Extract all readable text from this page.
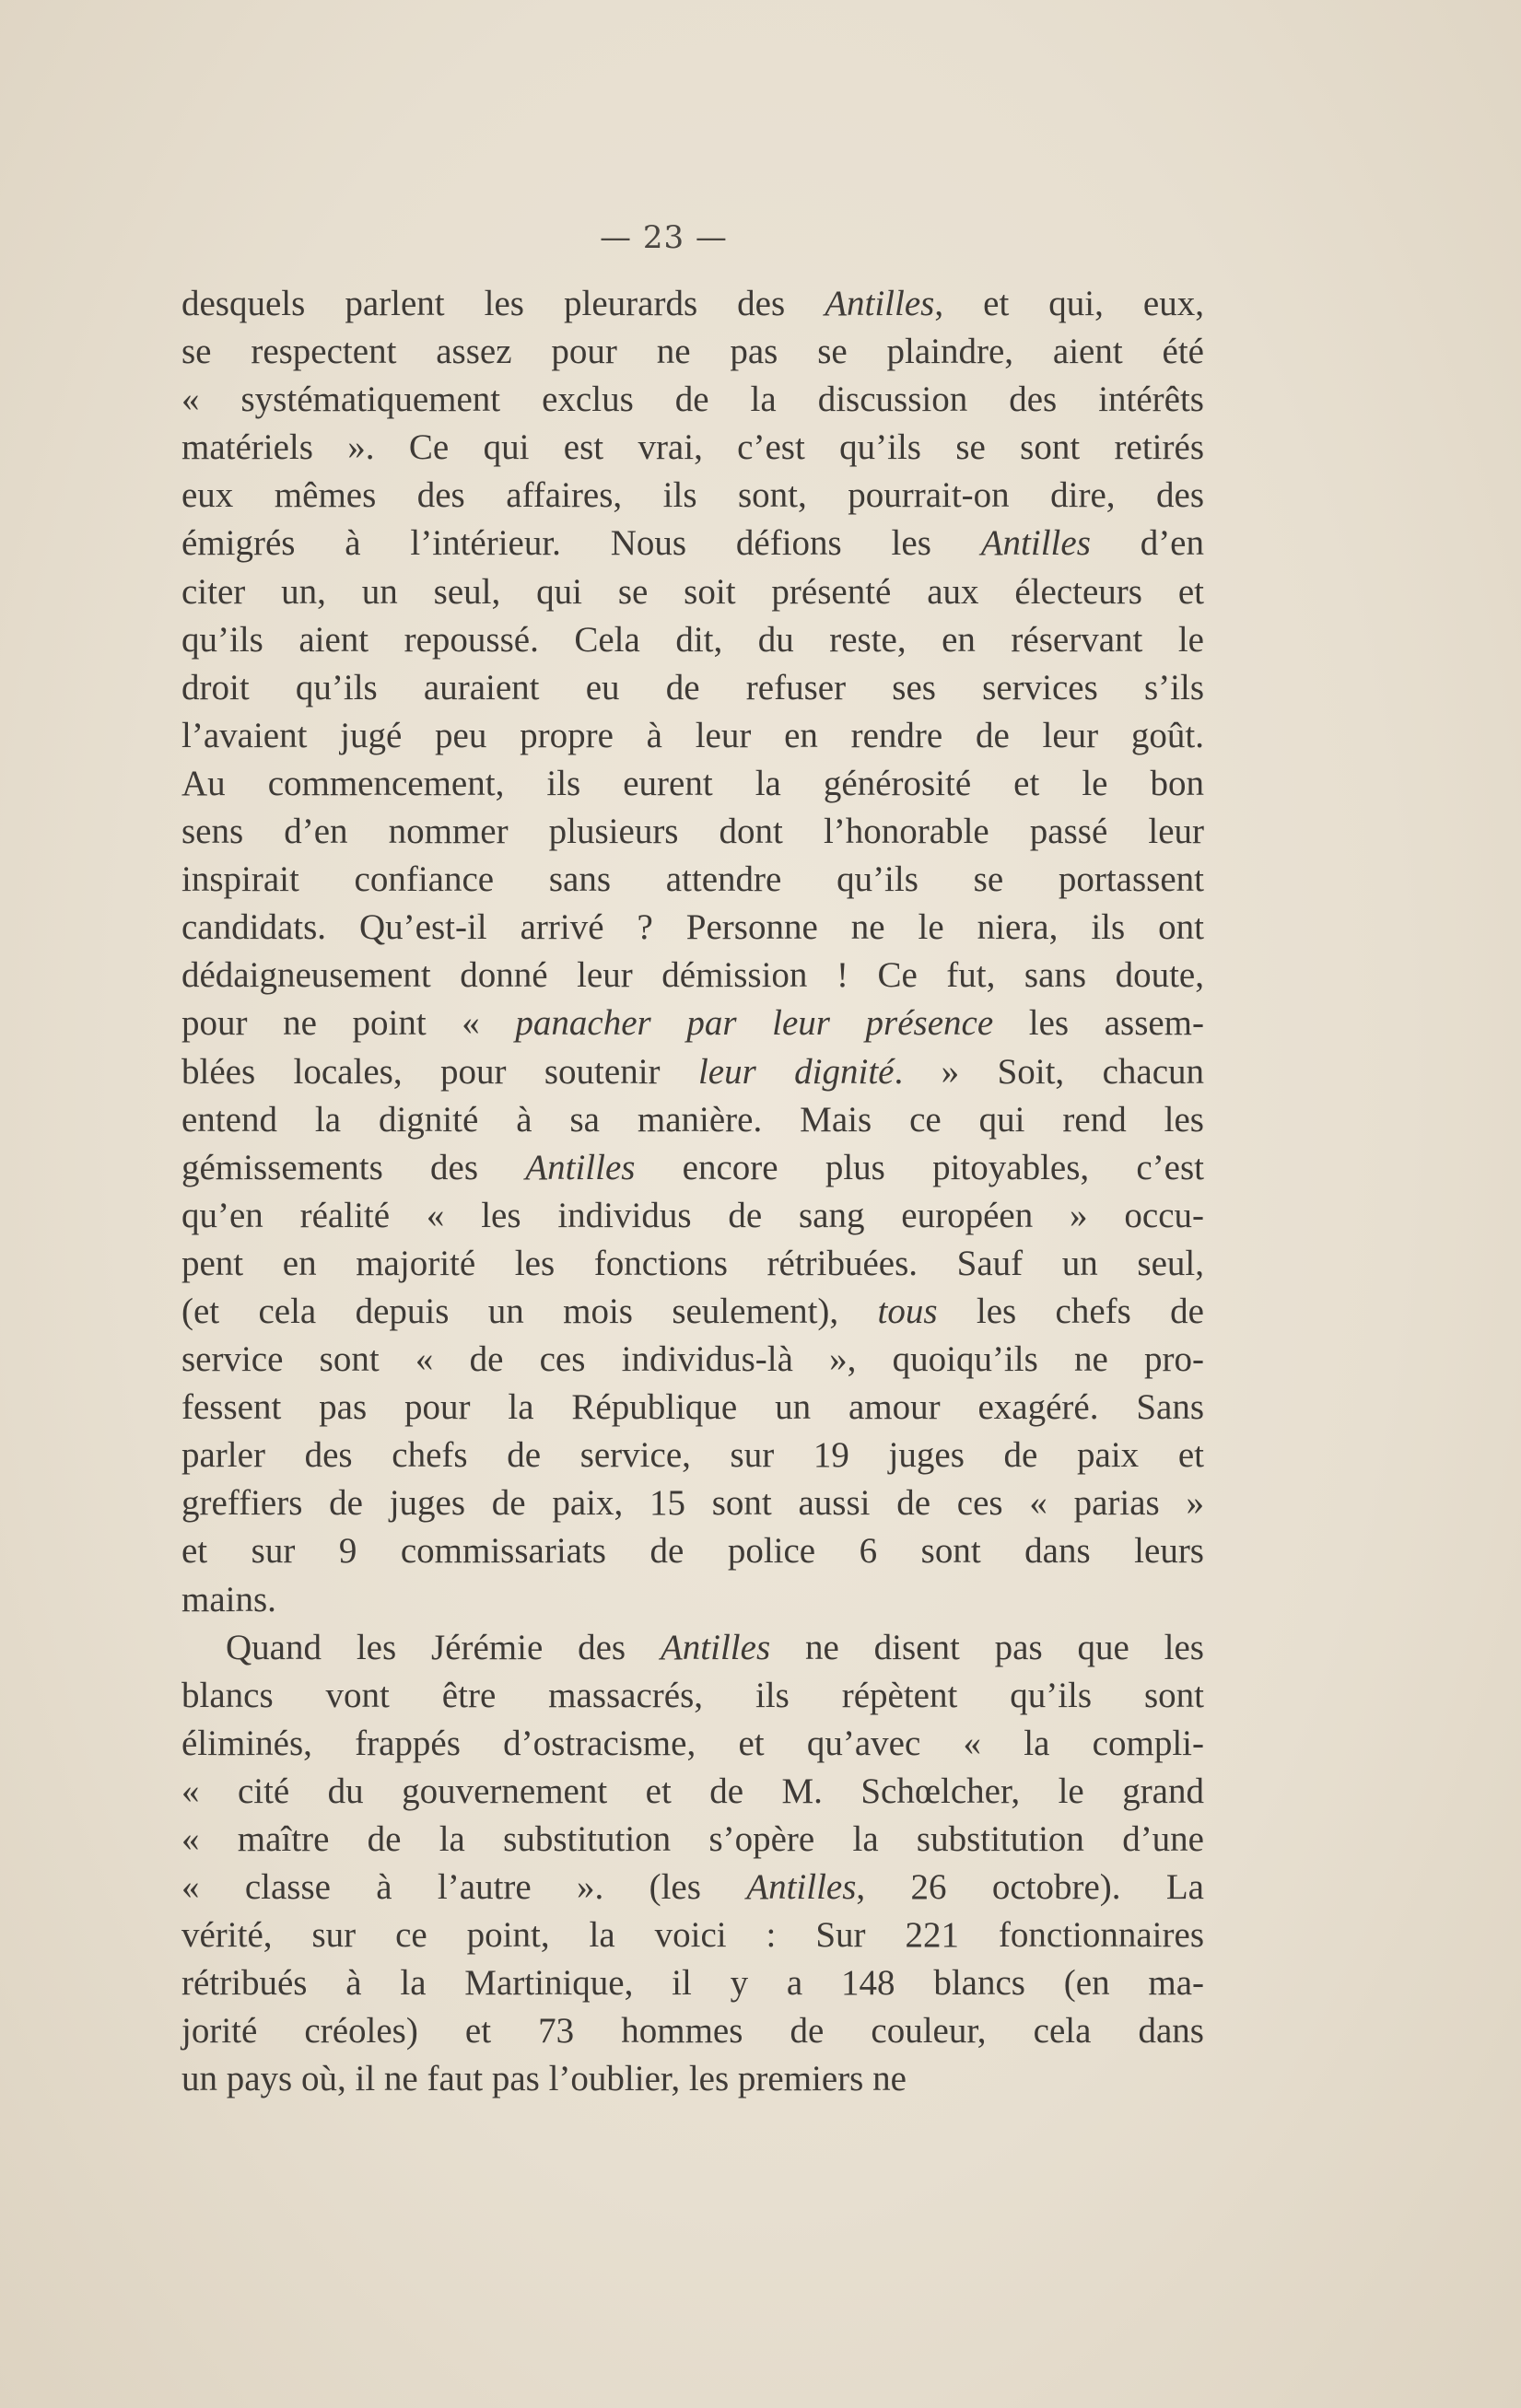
— 23 —
desquels parlent les pleurards des Antilles, et qui, eux,
se respectent assez pour ne pas se plaindre, aient été
« systématiquement exclus de la discussion des intérêts
matériels ». Ce qui est vrai, c’est qu’ils se sont retirés
eux mêmes des affaires, ils sont, pourrait-on dire, des
émigrés à l’intérieur. Nous défions les Antilles d’en
citer un, un seul, qui se soit présenté aux électeurs et
qu’ils aient repoussé. Cela dit, du reste, en réservant le
droit qu’ils auraient eu de refuser ses services s’ils
l’avaient jugé peu propre à leur en rendre de leur goût.
Au commencement, ils eurent la générosité et le bon
sens d’en nommer plusieurs dont l’honorable passé leur
inspirait confiance sans attendre qu’ils se portassent
candidats. Qu’est-il arrivé ? Personne ne le niera, ils ont
dédaigneusement donné leur démission ! Ce fut, sans doute,
pour ne point « panacher par leur présence les assem-
blées locales, pour soutenir leur dignité. » Soit, chacun
entend la dignité à sa manière. Mais ce qui rend les
gémissements des Antilles encore plus pitoyables, c’est
qu’en réalité « les individus de sang européen » occu-
pent en majorité les fonctions rétribuées. Sauf un seul,
(et cela depuis un mois seulement), tous les chefs de
service sont « de ces individus-là », quoiqu’ils ne pro-
fessent pas pour la République un amour exagéré. Sans
parler des chefs de service, sur 19 juges de paix et
greffiers de juges de paix, 15 sont aussi de ces « parias »
et sur 9 commissariats de police 6 sont dans leurs
mains.
Quand les Jérémie des Antilles ne disent pas que les
blancs vont être massacrés, ils répètent qu’ils sont
éliminés, frappés d’ostracisme, et qu’avec « la compli-
« cité du gouvernement et de M. Schœlcher, le grand
« maître de la substitution s’opère la substitution d’une
« classe à l’autre ». (les Antilles, 26 octobre). La
vérité, sur ce point, la voici : Sur 221 fonctionnaires
rétribués à la Martinique, il y a 148 blancs (en ma-
jorité créoles) et 73 hommes de couleur, cela dans
un pays où, il ne faut pas l’oublier, les premiers ne
